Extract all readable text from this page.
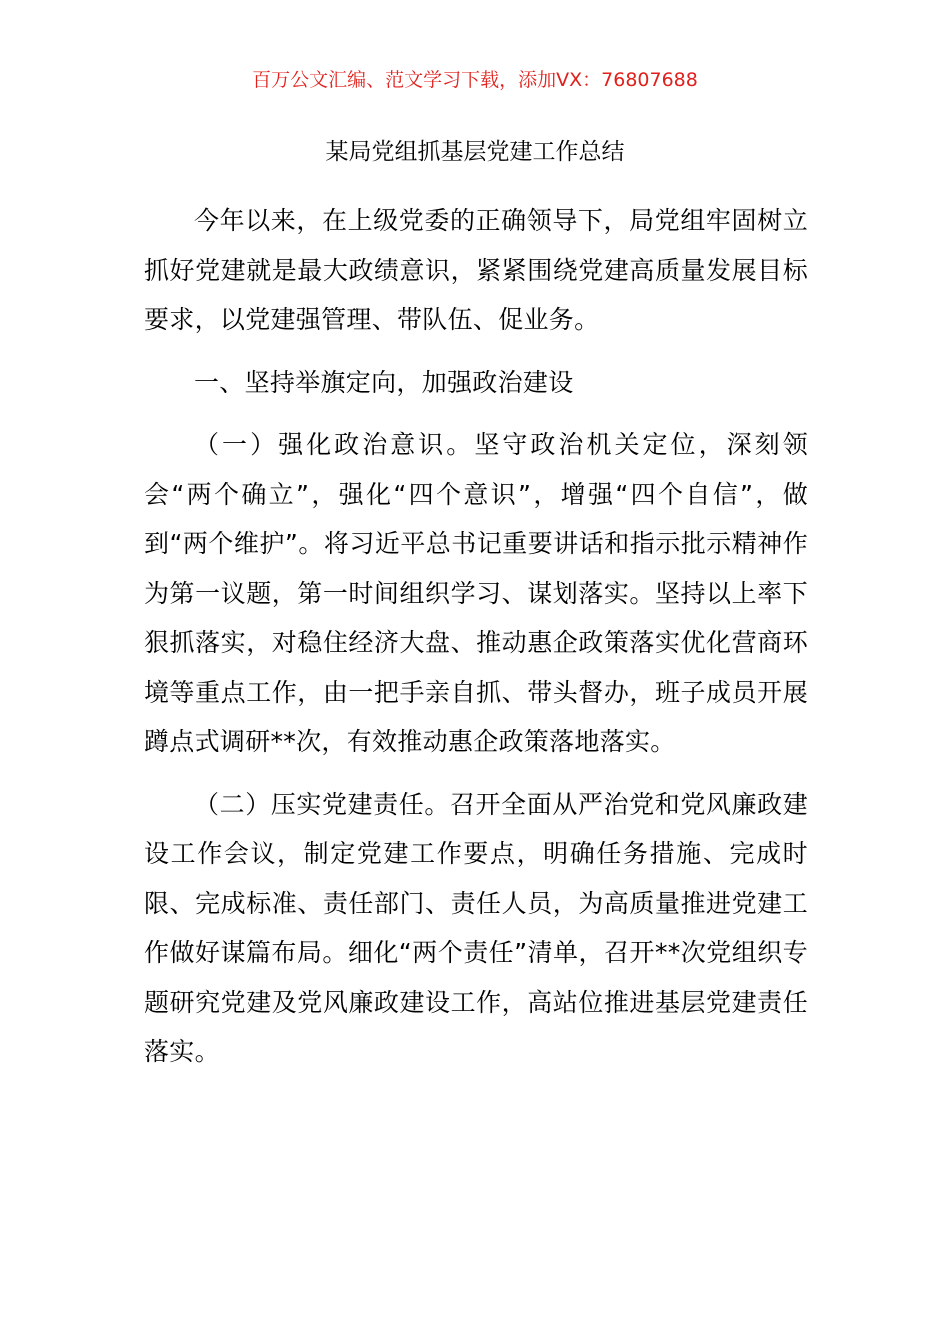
百万公文汇编、范文学习下载，添加VX：76807688
某局党组抓基层党建工作总结

今年以来，在上级党委的正确领导下，局党组牢固树立抓好党建就是最大政绩意识，紧紧围绕党建高质量发展目标要求，以党建强管理、带队伍、促业务。

一、坚持举旗定向，加强政治建设

（一）强化政治意识。坚守政治机关定位，深刻领会“两个确立”，强化“四个意识”，增强“四个自信”，做到“两个维护”。将习近平总书记重要讲话和指示批示精神作为第一议题，第一时间组织学习、谋划落实。坚持以上率下狠抓落实，对稳住经济大盘、推动惠企政策落实优化营商环境等重点工作，由一把手亲自抓、带头督办，班子成员开展蹲点式调研**次，有效推动惠企政策落地落实。

（二）压实党建责任。召开全面从严治党和党风廉政建设工作会议，制定党建工作要点，明确任务措施、完成时限、完成标准、责任部门、责任人员，为高质量推进党建工作做好谋篇布局。细化“两个责任”清单，召开**次党组织专题研究党建及党风廉政建设工作，高站位推进基层党建责任落实。
